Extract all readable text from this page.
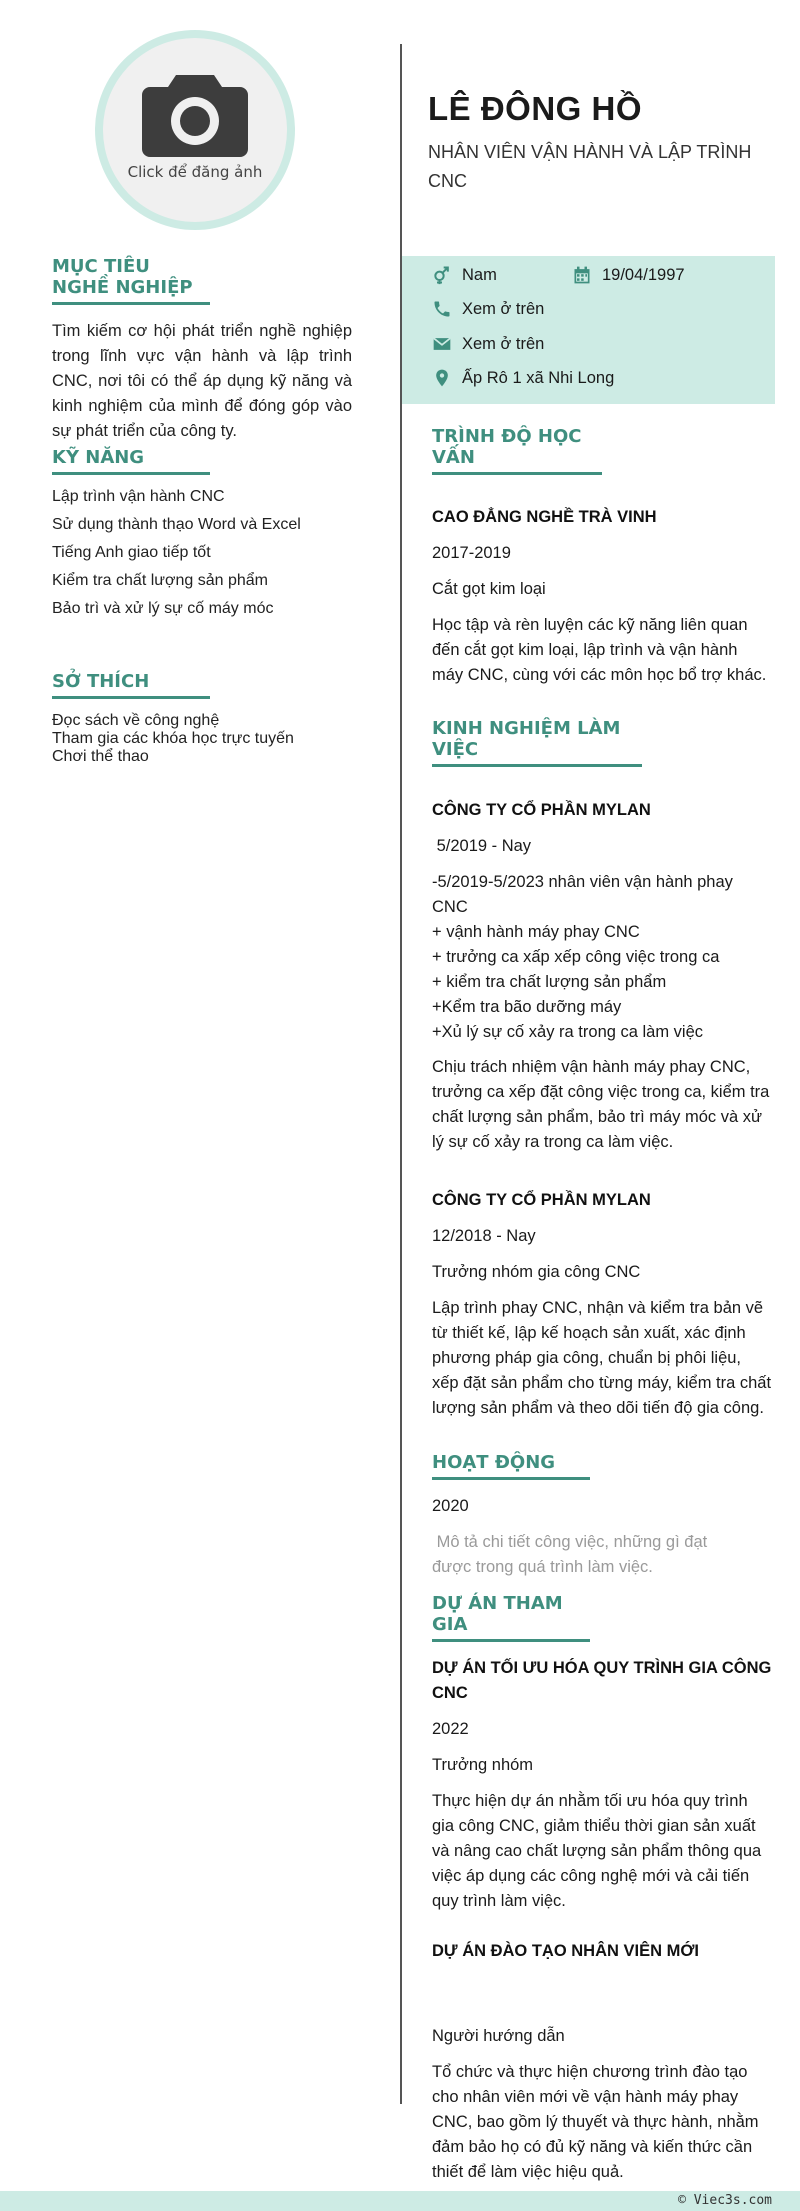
Click để đăng ảnh
MỤC TIÊU NGHỀ NGHIỆP

Tìm kiếm cơ hội phát triển nghề nghiệp trong lĩnh vực vận hành và lập trình CNC, nơi tôi có thể áp dụng kỹ năng và kinh nghiệm của mình để đóng góp vào sự phát triển của công ty.

KỸ NĂNG
Lập trình vận hành CNC
Sử dụng thành thạo Word và Excel
Tiếng Anh giao tiếp tốt
Kiểm tra chất lượng sản phẩm
Bảo trì và xử lý sự cố máy móc
SỞ THÍCH
Đọc sách về công nghệ
Tham gia các khóa học trực tuyến
Chơi thể thao
LÊ ĐÔNG HỒ
NHÂN VIÊN VẬN HÀNH VÀ LẬP TRÌNH CNC
Nam	19/04/1997
Xem ở trên
Xem ở trên
Ấp Rô 1 xã Nhi Long
TRÌNH ĐỘ HỌC VẤN
CAO ĐẲNG NGHỀ TRÀ VINH
2017-2019
Cắt gọt kim loại
Học tập và rèn luyện các kỹ năng liên quan đến cắt gọt kim loại, lập trình và vận hành máy CNC, cùng với các môn học bổ trợ khác.
KINH NGHIỆM LÀM VIỆC
CÔNG TY CỔ PHẦN MYLAN
5/2019 - Nay
-5/2019-5/2023 nhân viên vận hành phay CNC
+ vậnh hành máy phay CNC
+ trưởng ca xấp xếp công việc trong ca
+ kiểm tra chất lượng sản phẩm
+Kểm tra bão dưỡng máy
+Xủ lý sự cố xảy ra trong ca làm việc
Chịu trách nhiệm vận hành máy phay CNC, trưởng ca xếp đặt công việc trong ca, kiểm tra chất lượng sản phẩm, bảo trì máy móc và xử lý sự cố xảy ra trong ca làm việc.
CÔNG TY CỔ PHẦN MYLAN
12/2018 - Nay
Trưởng nhóm gia công CNC
Lập trình phay CNC, nhận và kiểm tra bản vẽ từ thiết kế, lập kế hoạch sản xuất, xác định phương pháp gia công, chuẩn bị phôi liệu, xếp đặt sản phẩm cho từng máy, kiểm tra chất lượng sản phẩm và theo dõi tiến độ gia công.
HOẠT ĐỘNG
2020
Mô tả chi tiết công việc, những gì đạt được trong quá trình làm việc.
DỰ ÁN THAM GIA
DỰ ÁN TỐI ƯU HÓA QUY TRÌNH GIA CÔNG CNC
2022
Trưởng nhóm
Thực hiện dự án nhằm tối ưu hóa quy trình gia công CNC, giảm thiểu thời gian sản xuất và nâng cao chất lượng sản phẩm thông qua việc áp dụng các công nghệ mới và cải tiến quy trình làm việc.
DỰ ÁN ĐÀO TẠO NHÂN VIÊN MỚI
Người hướng dẫn
Tổ chức và thực hiện chương trình đào tạo cho nhân viên mới về vận hành máy phay CNC, bao gồm lý thuyết và thực hành, nhằm đảm bảo họ có đủ kỹ năng và kiến thức cần thiết để làm việc hiệu quả.
© Viec3s.com
